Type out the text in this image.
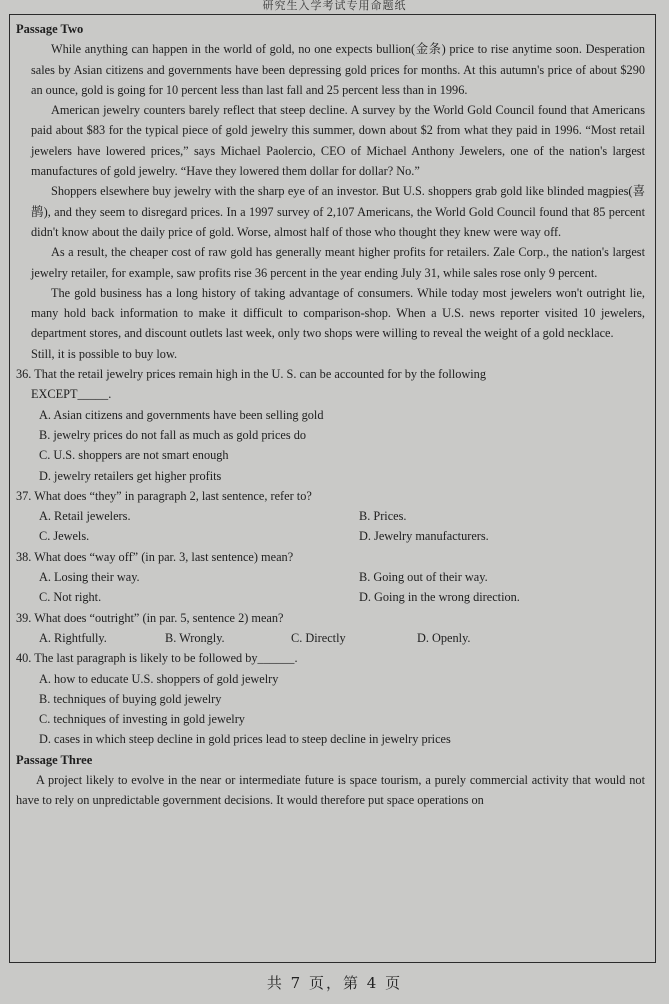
研究生入学考试专用命题纸
Passage Two

While anything can happen in the world of gold, no one expects bullion(金条) price to rise anytime soon. Desperation sales by Asian citizens and governments have been depressing gold prices for months. At this autumn's price of about $290 an ounce, gold is going for 10 percent less than last fall and 25 percent less than in 1996.

American jewelry counters barely reflect that steep decline. A survey by the World Gold Council found that Americans paid about $83 for the typical piece of gold jewelry this summer, down about $2 from what they paid in 1996. “Most retail jewelers have lowered prices,” says Michael Paolercio, CEO of Michael Anthony Jewelers, one of the nation's largest manufactures of gold jewelry. “Have they lowered them dollar for dollar? No.”

Shoppers elsewhere buy jewelry with the sharp eye of an investor. But U.S. shoppers grab gold like blinded magpies(喜鹊), and they seem to disregard prices. In a 1997 survey of 2,107 Americans, the World Gold Council found that 85 percent didn't know about the daily price of gold. Worse, almost half of those who thought they knew were way off.

As a result, the cheaper cost of raw gold has generally meant higher profits for retailers. Zale Corp., the nation's largest jewelry retailer, for example, saw profits rise 36 percent in the year ending July 31, while sales rose only 9 percent.

The gold business has a long history of taking advantage of consumers. While today most jewelers won't outright lie, many hold back information to make it difficult to comparison-shop. When a U.S. news reporter visited 10 jewelers, department stores, and discount outlets last week, only two shops were willing to reveal the weight of a gold necklace.

Still, it is possible to buy low.

36. That the retail jewelry prices remain high in the U. S. can be accounted for by the following

EXCEPT_____.

A. Asian citizens and governments have been selling gold

B. jewelry prices do not fall as much as gold prices do

C. U.S. shoppers are not smart enough

D. jewelry retailers get higher profits

37. What does “they” in paragraph 2, last sentence, refer to?

A. Retail jewelers.	B. Prices.
C. Jewels.	D. Jewelry manufacturers.

38. What does “way off” (in par. 3, last sentence) mean?

A. Losing their way.	B. Going out of their way.
C. Not right.	D. Going in the wrong direction.

39. What does “outright” (in par. 5, sentence 2) mean?

A. Rightfully.	B. Wrongly.	C. Directly	D. Openly.

40. The last paragraph is likely to be followed by______.

A. how to educate U.S. shoppers of gold jewelry

B. techniques of buying gold jewelry

C. techniques of investing in gold jewelry

D. cases in which steep decline in gold prices lead to steep decline in jewelry prices

Passage Three

A project likely to evolve in the near or intermediate future is space tourism, a purely commercial activity that would not have to rely on unpredictable government decisions. It would therefore put space operations on

共 7 页，第 4 页
